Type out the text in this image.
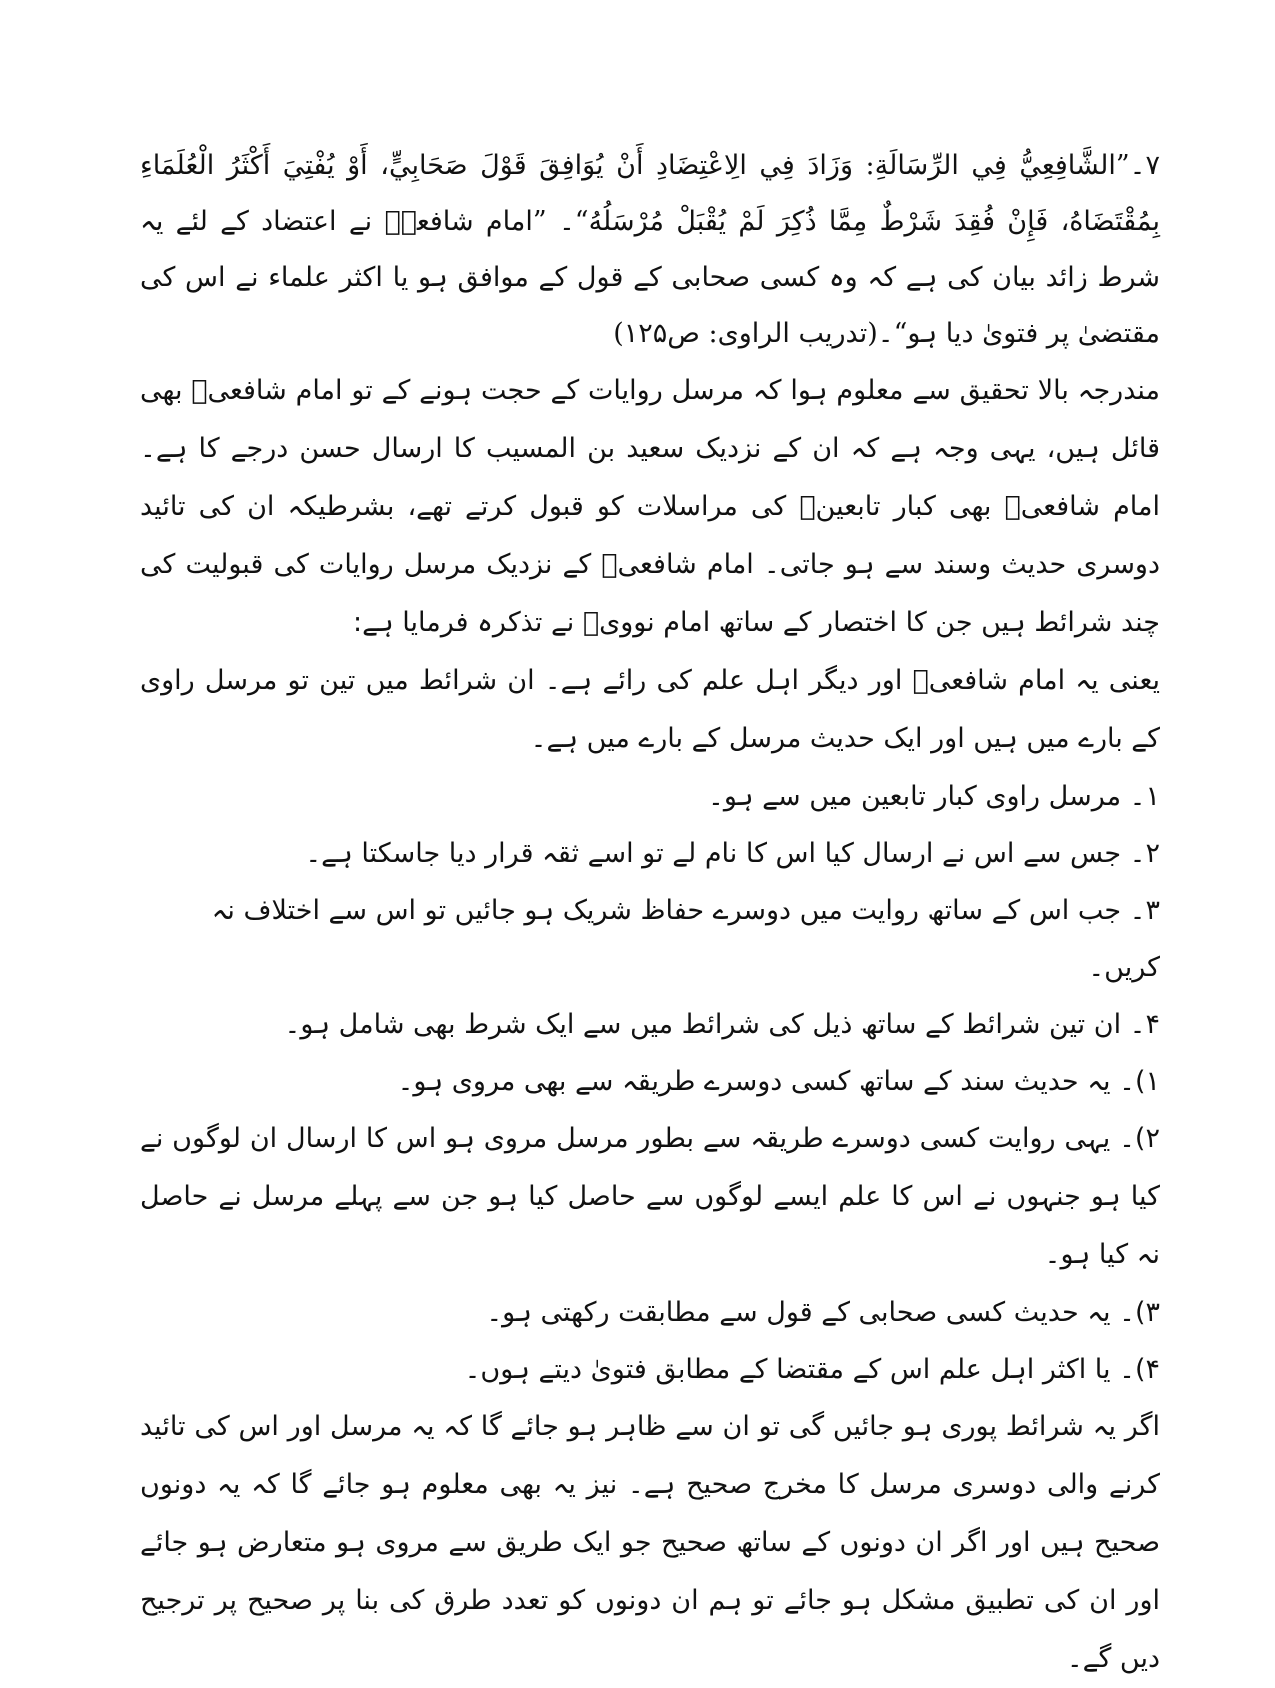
۷۔”الشَّافِعِيُّ فِي الرِّسَالَةِ: وَزَادَ فِي الِاعْتِضَادِ أَنْ يُوَافِقَ قَوْلَ صَحَابِيٍّ، أَوْ يُفْتِيَ أَكْثَرُ الْعُلَمَاءِ بِمُقْتَضَاهُ، فَإِنْ فُقِدَ شَرْطٌ مِمَّا ذُكِرَ لَمْ يُقْبَلْ مُرْسَلُهُ“۔ ”امام شافعیؒ نے اعتضاد کے لئے یہ شرط زائد بیان کی ہے کہ وہ کسی صحابی کے قول کے موافق ہو یا اکثر علماء نے اس کی مقتضیٰ پر فتویٰ دیا ہو“۔(تدریب الراوی: ص۱۲۵)

مندرجہ بالا تحقیق سے معلوم ہوا کہ مرسل روایات کے حجت ہونے کے تو امام شافعیؒ بھی قائل ہیں، یہی وجہ ہے کہ ان کے نزدیک سعید بن المسیب کا ارسال حسن درجے کا ہے۔ امام شافعیؒ بھی کبار تابعینؒ کی مراسلات کو قبول کرتے تھے، بشرطیکہ ان کی تائید دوسری حدیث وسند سے ہو جاتی۔ امام شافعیؒ کے نزدیک مرسل روایات کی قبولیت کی چند شرائط ہیں جن کا اختصار کے ساتھ امام نوویؒ نے تذکرہ فرمایا ہے:

یعنی یہ امام شافعیؒ اور دیگر اہل علم کی رائے ہے۔ ان شرائط میں تین تو مرسل راوی کے بارے میں ہیں اور ایک حدیث مرسل کے بارے میں ہے۔

۱۔ مرسل راوی کبار تابعین میں سے ہو۔
۲۔ جس سے اس نے ارسال کیا اس کا نام لے تو اسے ثقہ قرار دیا جاسکتا ہے۔
۳۔ جب اس کے ساتھ روایت میں دوسرے حفاظ شریک ہو جائیں تو اس سے اختلاف نہ کریں۔
۴۔ ان تین شرائط کے ساتھ ذیل کی شرائط میں سے ایک شرط بھی شامل ہو۔
۱)۔ یہ حدیث سند کے ساتھ کسی دوسرے طریقہ سے بھی مروی ہو۔

۲)۔ یہی روایت کسی دوسرے طریقہ سے بطور مرسل مروی ہو اس کا ارسال ان لوگوں نے کیا ہو جنہوں نے اس کا علم ایسے لوگوں سے حاصل کیا ہو جن سے پہلے مرسل نے حاصل نہ کیا ہو۔

۳)۔ یہ حدیث کسی صحابی کے قول سے مطابقت رکھتی ہو۔
۴)۔ یا اکثر اہل علم اس کے مقتضا کے مطابق فتویٰ دیتے ہوں۔

اگر یہ شرائط پوری ہو جائیں گی تو ان سے ظاہر ہو جائے گا کہ یہ مرسل اور اس کی تائید کرنے والی دوسری مرسل کا مخرج صحیح ہے۔ نیز یہ بھی معلوم ہو جائے گا کہ یہ دونوں صحیح ہیں اور اگر ان دونوں کے ساتھ صحیح جو ایک طریق سے مروی ہو متعارض ہو جائے اور ان کی تطبیق مشکل ہو جائے تو ہم ان دونوں کو تعدد طرق کی بنا پر صحیح پر ترجیح دیں گے۔
